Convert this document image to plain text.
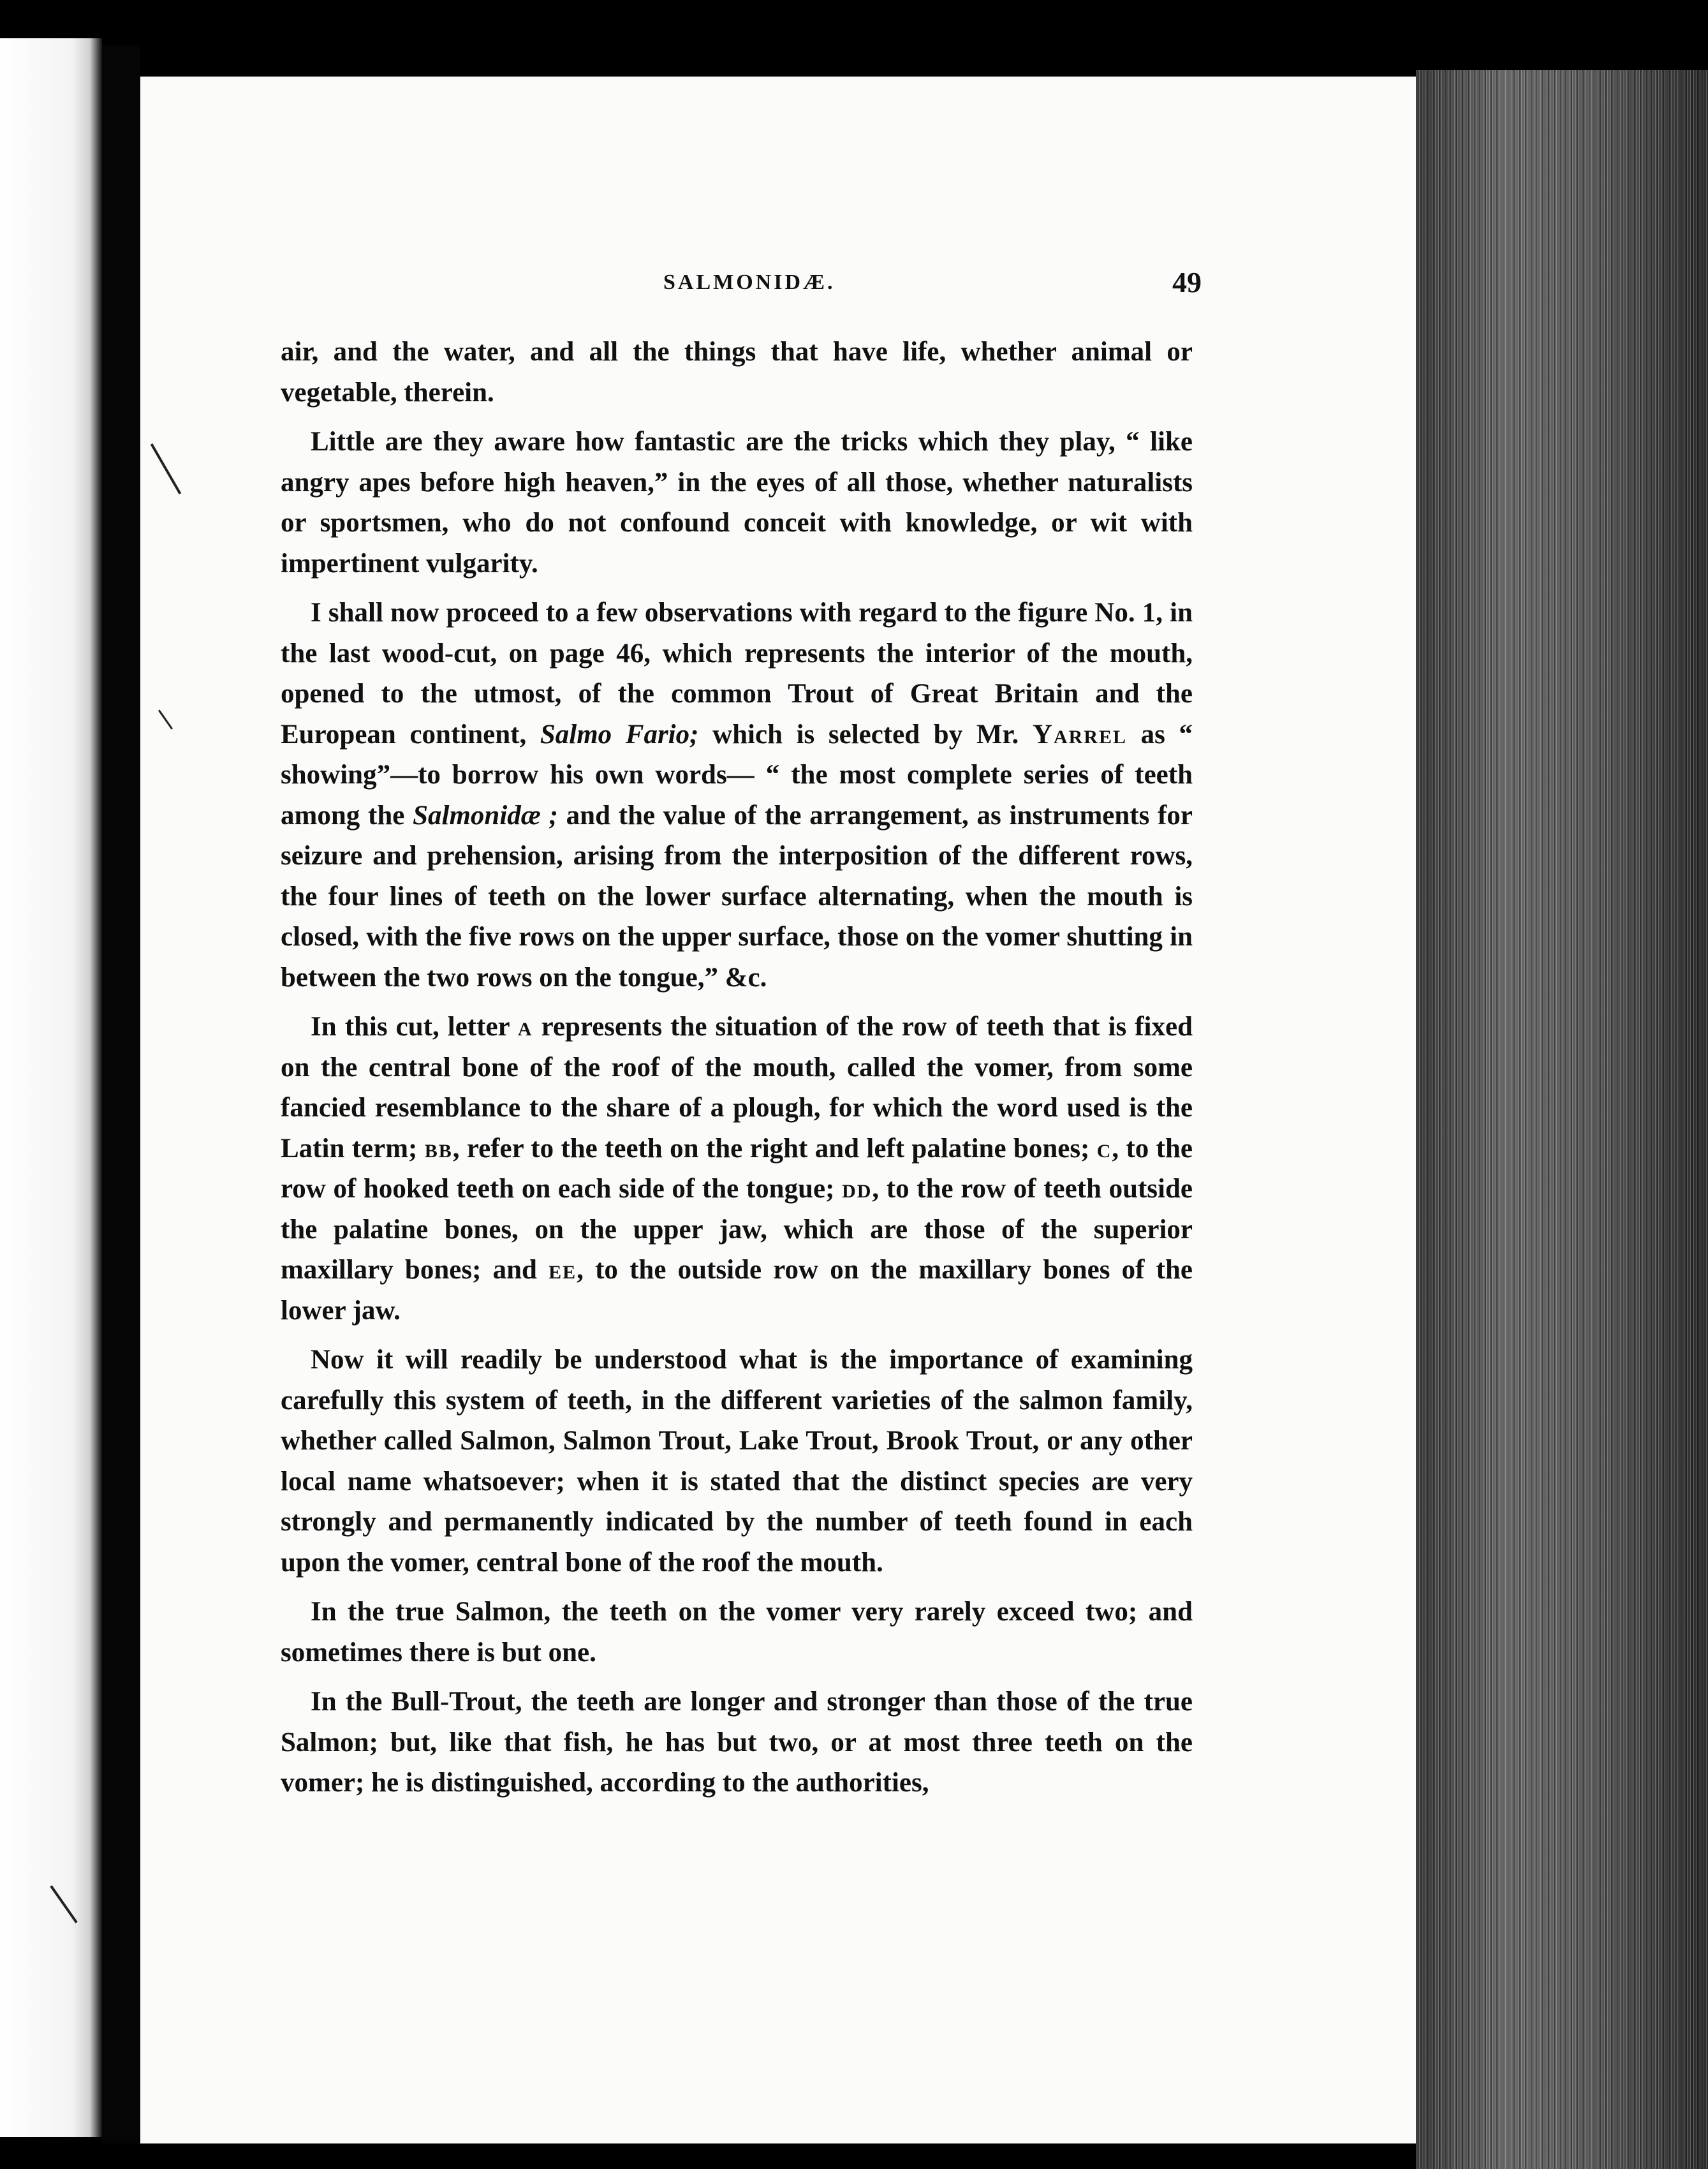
SALMONIDÆ.	49

air, and the water, and all the things that have life, whether animal or vegetable, therein.

Little are they aware how fantastic are the tricks which they play, “ like angry apes before high heaven,” in the eyes of all those, whether naturalists or sportsmen, who do not confound conceit with knowledge, or wit with impertinent vulgarity.

I shall now proceed to a few observations with regard to the figure No. 1, in the last wood-cut, on page 46, which represents the interior of the mouth, opened to the utmost, of the common Trout of Great Britain and the European continent, Salmo Fario; which is selected by Mr. Yarrel as “ showing”—to borrow his own words— “ the most complete series of teeth among the Salmonidæ ; and the value of the arrangement, as instruments for seizure and prehension, arising from the interposition of the different rows, the four lines of teeth on the lower surface alternating, when the mouth is closed, with the five rows on the upper surface, those on the vomer shutting in between the two rows on the tongue,” &c.

In this cut, letter a represents the situation of the row of teeth that is fixed on the central bone of the roof of the mouth, called the vomer, from some fancied resemblance to the share of a plough, for which the word used is the Latin term; bb, refer to the teeth on the right and left palatine bones; c, to the row of hooked teeth on each side of the tongue; dd, to the row of teeth outside the palatine bones, on the upper jaw, which are those of the superior maxillary bones; and ee, to the outside row on the maxillary bones of the lower jaw.

Now it will readily be understood what is the importance of examining carefully this system of teeth, in the different varieties of the salmon family, whether called Salmon, Salmon Trout, Lake Trout, Brook Trout, or any other local name whatsoever; when it is stated that the distinct species are very strongly and permanently indicated by the number of teeth found in each upon the vomer, central bone of the roof the mouth.

In the true Salmon, the teeth on the vomer very rarely exceed two; and sometimes there is but one.

In the Bull-Trout, the teeth are longer and stronger than those of the true Salmon; but, like that fish, he has but two, or at most three teeth on the vomer; he is distinguished, according to the authorities,
